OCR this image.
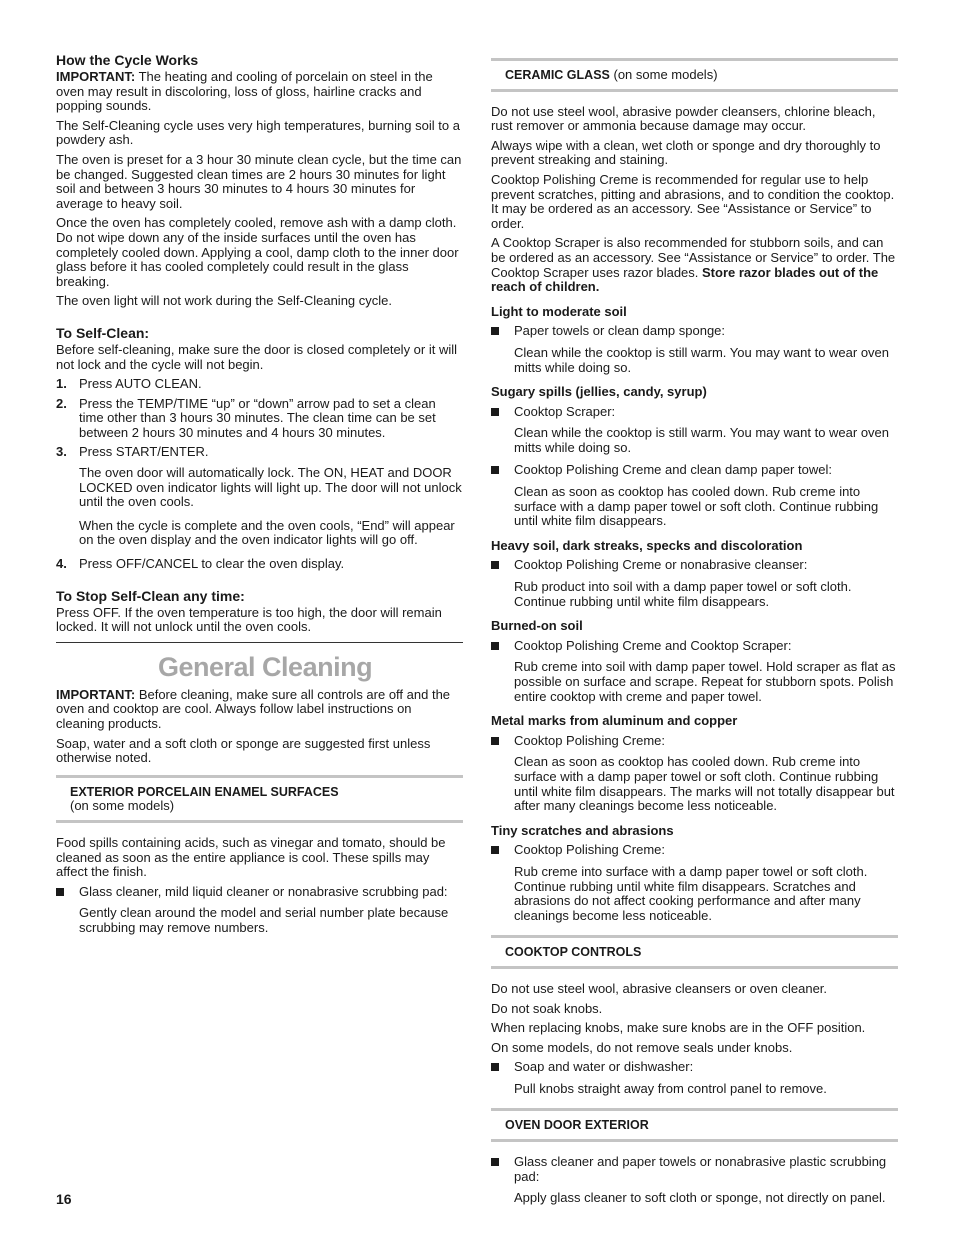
How the Cycle Works

IMPORTANT: The heating and cooling of porcelain on steel in the oven may result in discoloring, loss of gloss, hairline cracks and popping sounds.

The Self-Cleaning cycle uses very high temperatures, burning soil to a powdery ash.

The oven is preset for a 3 hour 30 minute clean cycle, but the time can be changed. Suggested clean times are 2 hours 30 minutes for light soil and between 3 hours 30 minutes to 4 hours 30 minutes for average to heavy soil.

Once the oven has completely cooled, remove ash with a damp cloth. Do not wipe down any of the inside surfaces until the oven has completely cooled down. Applying a cool, damp cloth to the inner door glass before it has cooled completely could result in the glass breaking.

The oven light will not work during the Self-Cleaning cycle.

To Self-Clean:

Before self-cleaning, make sure the door is closed completely or it will not lock and the cycle will not begin.

1. Press AUTO CLEAN.
2. Press the TEMP/TIME “up” or “down” arrow pad to set a clean time other than 3 hours 30 minutes. The clean time can be set between 2 hours 30 minutes and 4 hours 30 minutes.
3. Press START/ENTER.
The oven door will automatically lock. The ON, HEAT and DOOR LOCKED oven indicator lights will light up. The door will not unlock until the oven cools.
When the cycle is complete and the oven cools, “End” will appear on the oven display and the oven indicator lights will go off.
4. Press OFF/CANCEL to clear the oven display.
To Stop Self-Clean any time:

Press OFF. If the oven temperature is too high, the door will remain locked. It will not unlock until the oven cools.

General Cleaning

IMPORTANT: Before cleaning, make sure all controls are off and the oven and cooktop are cool. Always follow label instructions on cleaning products.

Soap, water and a soft cloth or sponge are suggested first unless otherwise noted.

EXTERIOR PORCELAIN ENAMEL SURFACES
(on some models)

Food spills containing acids, such as vinegar and tomato, should be cleaned as soon as the entire appliance is cool. These spills may affect the finish.

Glass cleaner, mild liquid cleaner or nonabrasive scrubbing pad:
Gently clean around the model and serial number plate because scrubbing may remove numbers.
CERAMIC GLASS (on some models)

Do not use steel wool, abrasive powder cleansers, chlorine bleach, rust remover or ammonia because damage may occur.

Always wipe with a clean, wet cloth or sponge and dry thoroughly to prevent streaking and staining.

Cooktop Polishing Creme is recommended for regular use to help prevent scratches, pitting and abrasions, and to condition the cooktop. It may be ordered as an accessory. See “Assistance or Service” to order.

A Cooktop Scraper is also recommended for stubborn soils, and can be ordered as an accessory. See “Assistance or Service” to order. The Cooktop Scraper uses razor blades. Store razor blades out of the reach of children.

Light to moderate soil
Paper towels or clean damp sponge:
Clean while the cooktop is still warm. You may want to wear oven mitts while doing so.
Sugary spills (jellies, candy, syrup)
Cooktop Scraper:
Clean while the cooktop is still warm. You may want to wear oven mitts while doing so.
Cooktop Polishing Creme and clean damp paper towel:
Clean as soon as cooktop has cooled down. Rub creme into surface with a damp paper towel or soft cloth. Continue rubbing until white film disappears.
Heavy soil, dark streaks, specks and discoloration
Cooktop Polishing Creme or nonabrasive cleanser:
Rub product into soil with a damp paper towel or soft cloth. Continue rubbing until white film disappears.
Burned-on soil
Cooktop Polishing Creme and Cooktop Scraper:
Rub creme into soil with damp paper towel. Hold scraper as flat as possible on surface and scrape. Repeat for stubborn spots. Polish entire cooktop with creme and paper towel.
Metal marks from aluminum and copper
Cooktop Polishing Creme:
Clean as soon as cooktop has cooled down. Rub creme into surface with a damp paper towel or soft cloth. Continue rubbing until white film disappears. The marks will not totally disappear but after many cleanings become less noticeable.
Tiny scratches and abrasions
Cooktop Polishing Creme:
Rub creme into surface with a damp paper towel or soft cloth. Continue rubbing until white film disappears. Scratches and abrasions do not affect cooking performance and after many cleanings become less noticeable.
COOKTOP CONTROLS

Do not use steel wool, abrasive cleansers or oven cleaner.

Do not soak knobs.

When replacing knobs, make sure knobs are in the OFF position.

On some models, do not remove seals under knobs.

Soap and water or dishwasher:
Pull knobs straight away from control panel to remove.
OVEN DOOR EXTERIOR
Glass cleaner and paper towels or nonabrasive plastic scrubbing pad:
Apply glass cleaner to soft cloth or sponge, not directly on panel.
16
